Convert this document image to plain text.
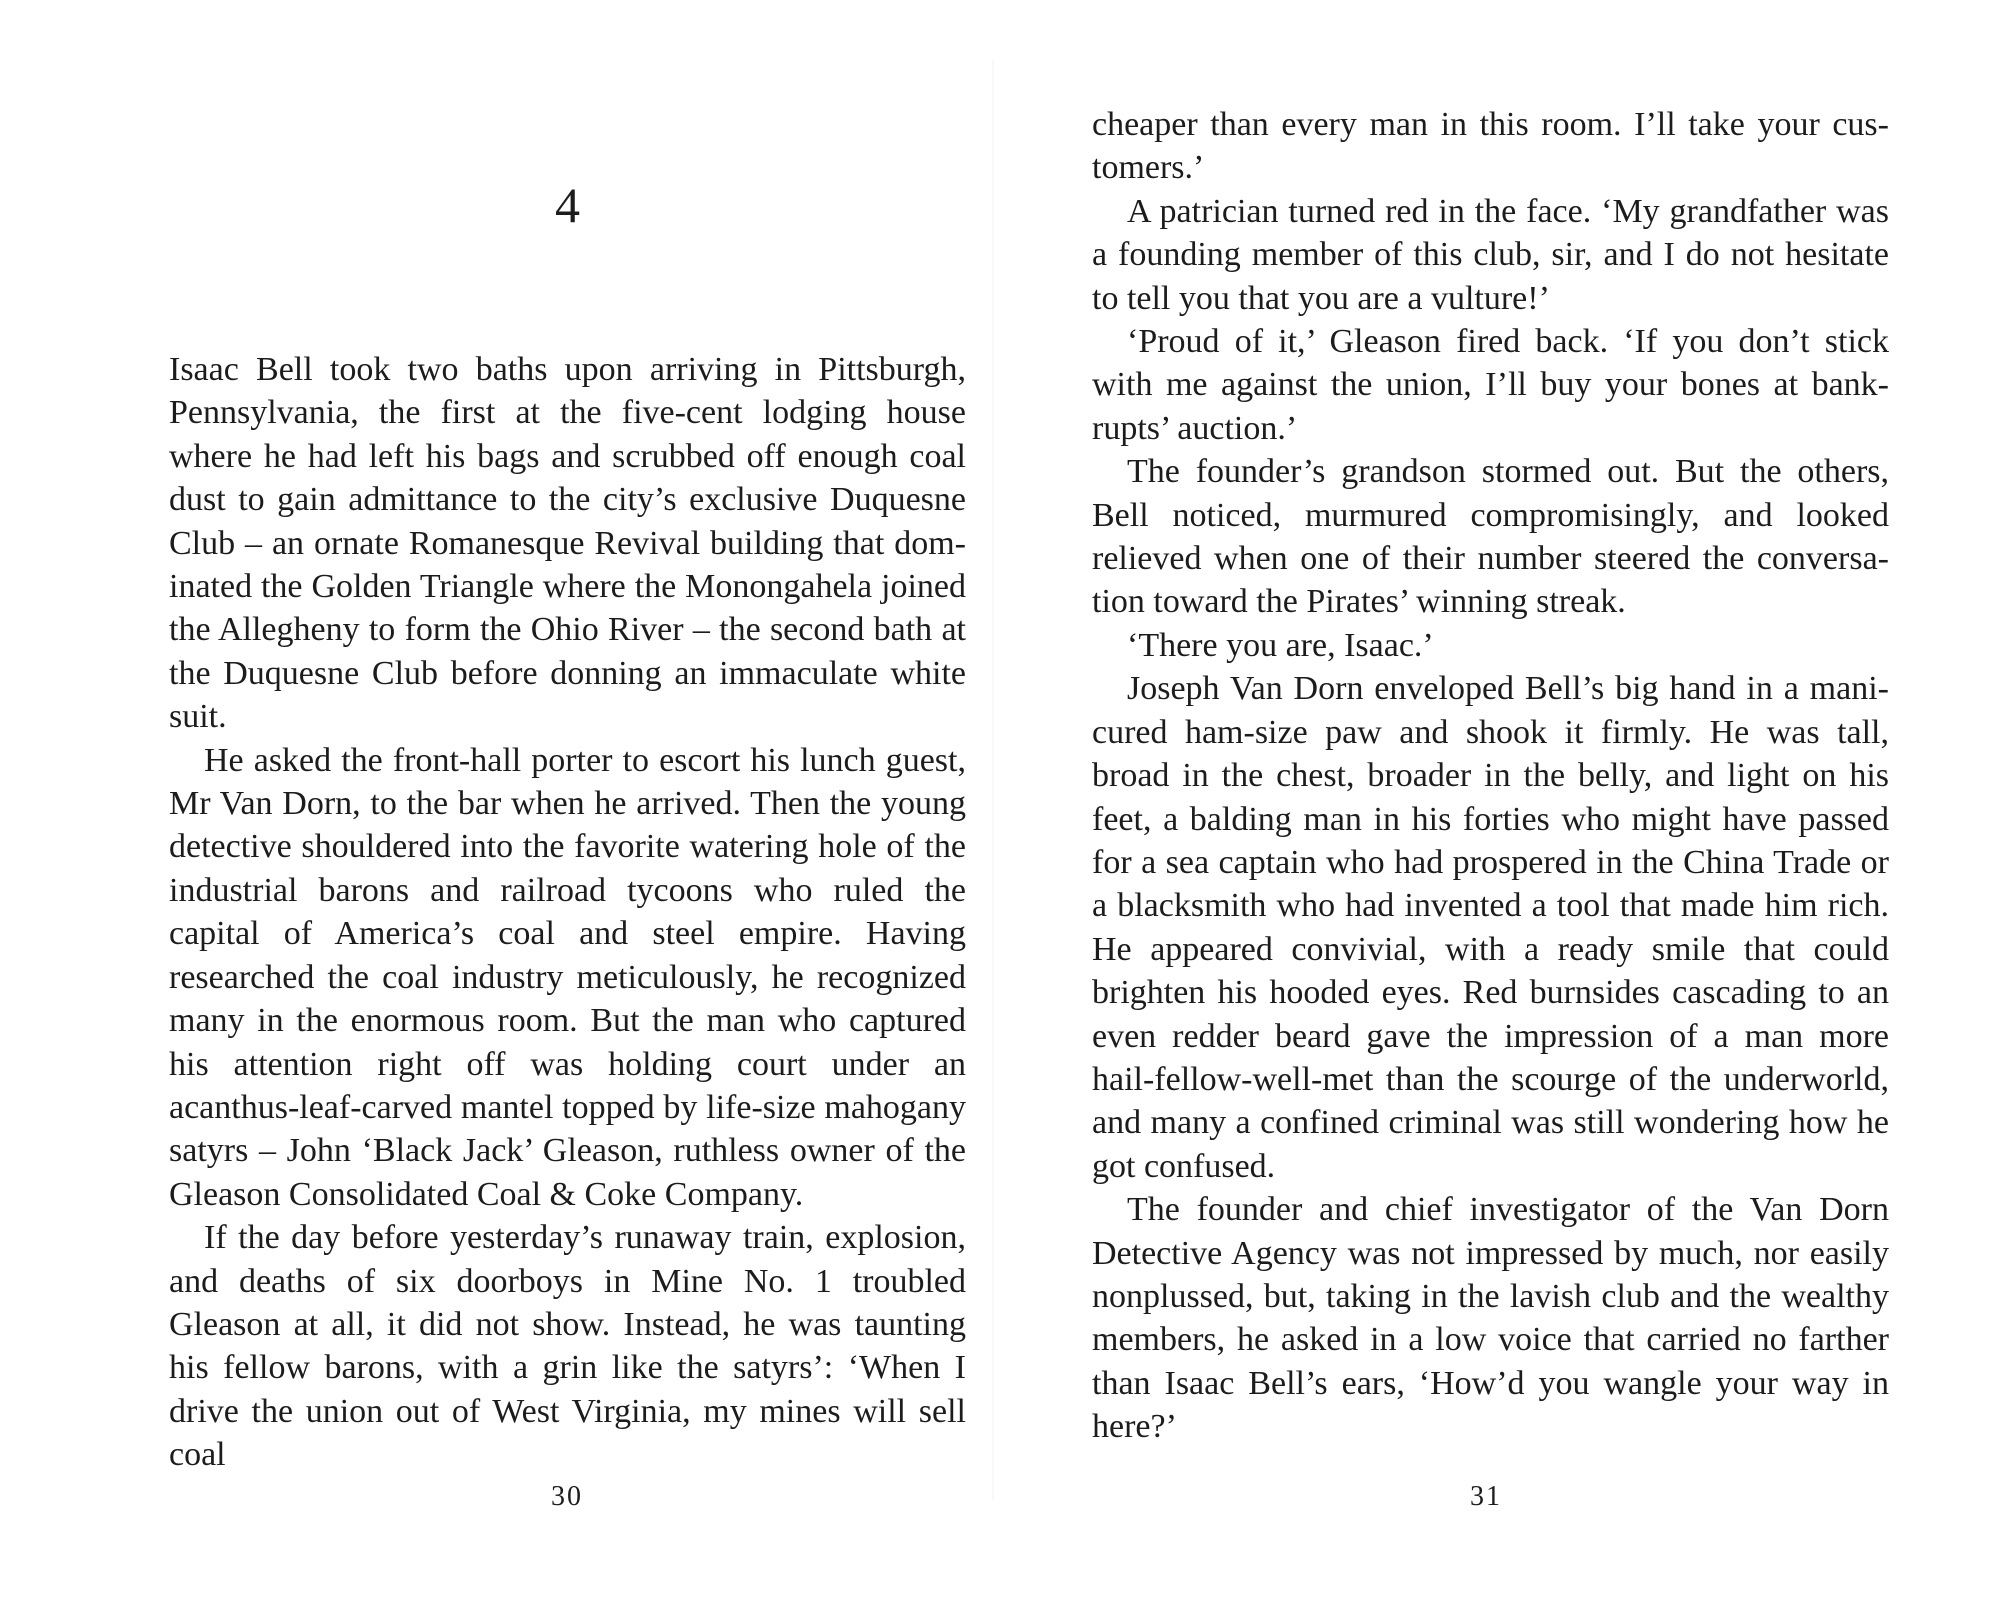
4

Isaac Bell took two baths upon arriving in Pittsburgh, Pennsylvania, the first at the five-cent lodging house where he had left his bags and scrubbed off enough coal dust to gain admittance to the city’s exclusive Duquesne Club – an ornate Romanesque Revival building that dominated the Golden Triangle where the Monongahela joined the Allegheny to form the Ohio River – the second bath at the Duquesne Club before donning an immaculate white suit.

He asked the front-hall porter to escort his lunch guest, Mr Van Dorn, to the bar when he arrived. Then the young detective shouldered into the favorite watering hole of the industrial barons and railroad tycoons who ruled the capital of America’s coal and steel empire. Having researched the coal industry meticulously, he recognized many in the enormous room. But the man who captured his attention right off was holding court under an acanthus-leaf-carved mantel topped by life-size mahogany satyrs – John ‘Black Jack’ Gleason, ruthless owner of the Gleason Consolidated Coal & Coke Company.

If the day before yesterday’s runaway train, explosion, and deaths of six doorboys in Mine No. 1 troubled Gleason at all, it did not show. Instead, he was taunting his fellow barons, with a grin like the satyrs’: ‘When I drive the union out of West Virginia, my mines will sell coal

cheaper than every man in this room. I’ll take your customers.’

A patrician turned red in the face. ‘My grandfather was a founding member of this club, sir, and I do not hesitate to tell you that you are a vulture!’

‘Proud of it,’ Gleason fired back. ‘If you don’t stick with me against the union, I’ll buy your bones at bankrupts’ auction.’

The founder’s grandson stormed out. But the others, Bell noticed, murmured compromisingly, and looked relieved when one of their number steered the conversation toward the Pirates’ winning streak.

‘There you are, Isaac.’

Joseph Van Dorn enveloped Bell’s big hand in a manicured ham-size paw and shook it firmly. He was tall, broad in the chest, broader in the belly, and light on his feet, a balding man in his forties who might have passed for a sea captain who had prospered in the China Trade or a blacksmith who had invented a tool that made him rich. He appeared convivial, with a ready smile that could brighten his hooded eyes. Red burnsides cascading to an even redder beard gave the impression of a man more hail-fellow-well-met than the scourge of the underworld, and many a confined criminal was still wondering how he got confused.

The founder and chief investigator of the Van Dorn Detective Agency was not impressed by much, nor easily nonplussed, but, taking in the lavish club and the wealthy members, he asked in a low voice that carried no farther than Isaac Bell’s ears, ‘How’d you wangle your way in here?’

30	31
